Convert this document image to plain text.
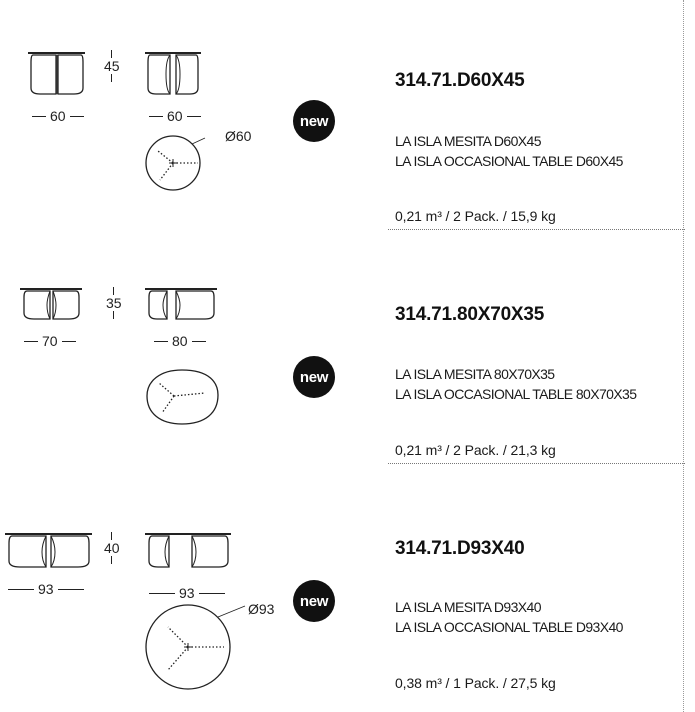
60	60
45
Ø60
new
314.71.D60X45
LA ISLA MESITA D60X45
LA ISLA OCCASIONAL TABLE D60X45
0,21 m³ / 2 Pack. / 15,9 kg
70	80
35
new
314.71.80X70X35
LA ISLA MESITA 80X70X35
LA ISLA OCCASIONAL TABLE 80X70X35
0,21 m³ / 2 Pack. / 21,3 kg
93	93
40
Ø93	new
314.71.D93X40
LA ISLA MESITA D93X40
LA ISLA OCCASIONAL TABLE D93X40
0,38 m³ / 1 Pack. / 27,5 kg
